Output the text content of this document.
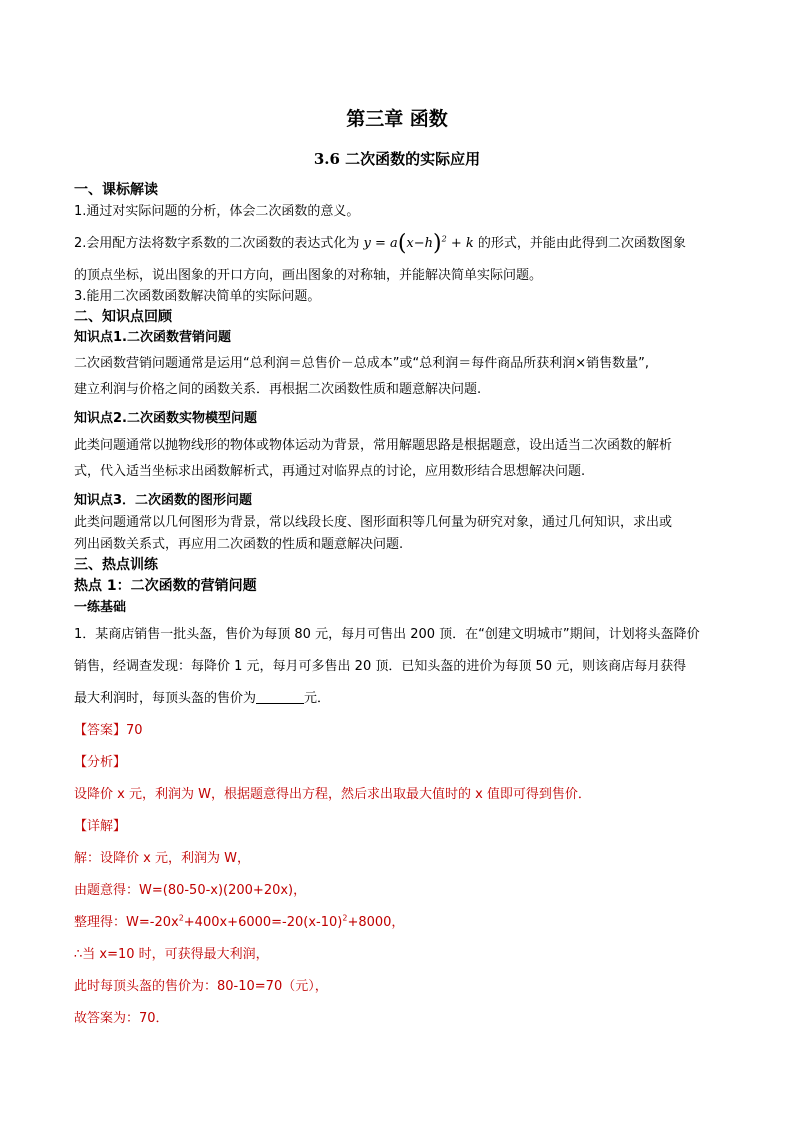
第三章 函数
3.6 二次函数的实际应用
一、课标解读
1.通过对实际问题的分析，体会二次函数的意义。
2.会用配方法将数字系数的二次函数的表达式化为 $y = a(x-h)^2 + k$ 的形式，并能由此得到二次函数图象
的顶点坐标，说出图象的开口方向，画出图象的对称轴，并能解决简单实际问题。
3.能用二次函数函数解决简单的实际问题。
二、知识点回顾
知识点1.二次函数营销问题
二次函数营销问题通常是运用“总利润＝总售价－总成本”或“总利润＝每件商品所获利润×销售数量”,
建立利润与价格之间的函数关系．再根据二次函数性质和题意解决问题.
知识点2.二次函数实物模型问题
此类问题通常以抛物线形的物体或物体运动为背景，常用解题思路是根据题意，设出适当二次函数的解析
式，代入适当坐标求出函数解析式，再通过对临界点的讨论，应用数形结合思想解决问题.
知识点3．二次函数的图形问题
此类问题通常以几何图形为背景，常以线段长度、图形面积等几何量为研究对象，通过几何知识，求出或
列出函数关系式，再应用二次函数的性质和题意解决问题.
三、热点训练
热点 1：二次函数的营销问题
一练基础
1．某商店销售一批头盔，售价为每顶 80 元，每月可售出 200 顶．在“创建文明城市”期间，计划将头盔降价
销售，经调查发现：每降价 1 元，每月可多售出 20 顶．已知头盔的进价为每顶 50 元，则该商店每月获得
最大利润时，每顶头盔的售价为	元．
【答案】70
【分析】
设降价 x 元，利润为 W，根据题意得出方程，然后求出取最大值时的 x 值即可得到售价．
【详解】
解：设降价 x 元，利润为 W，
由题意得：W=(80-50-x)(200+20x)，
整理得：$W=-20x^2+400x+6000=-20(x-10)^2+8000$，
∴当 x=10 时，可获得最大利润，
此时每顶头盔的售价为：80-10=70（元），
故答案为：70．
